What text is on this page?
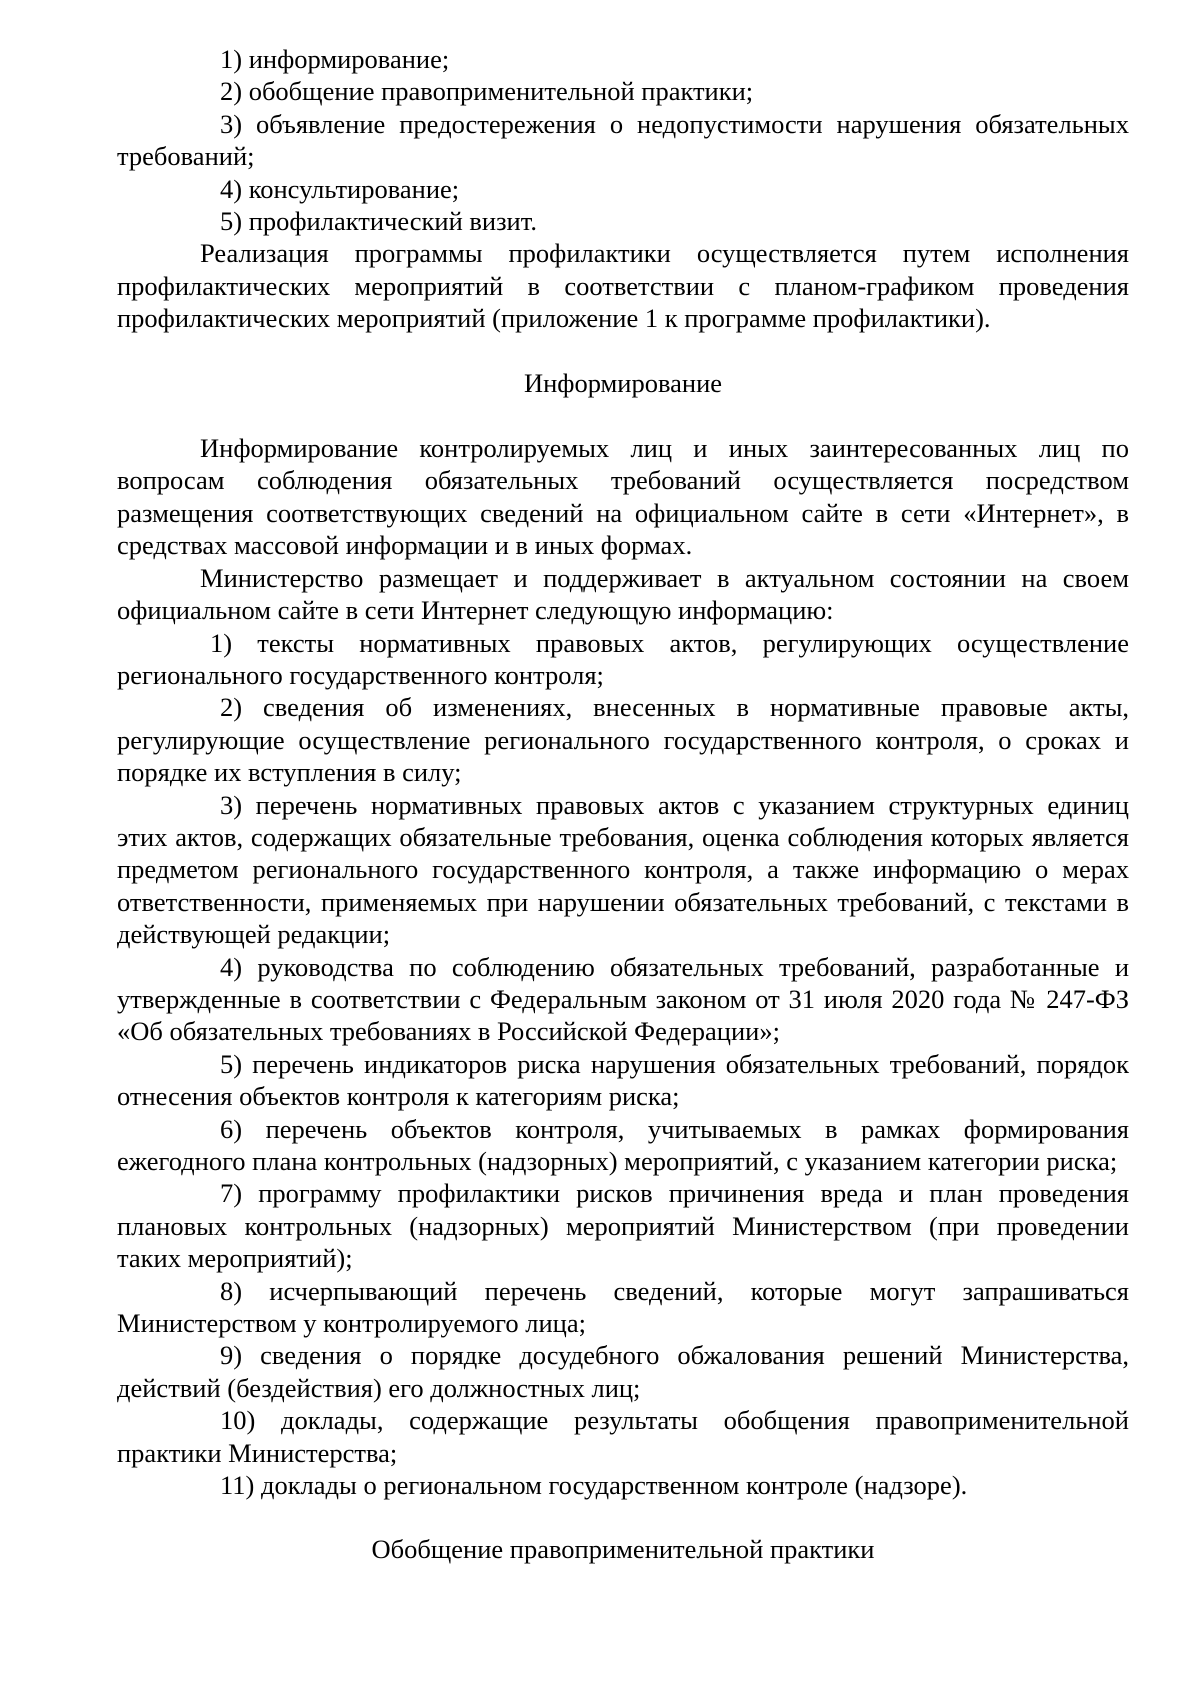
1) информирование;

2) обобщение правоприменительной практики;

3) объявление предостережения о недопустимости нарушения обязательных требований;

4) консультирование;

5) профилактический визит.

Реализация программы профилактики осуществляется путем исполнения профилактических мероприятий в соответствии с планом-графиком проведения профилактических мероприятий (приложение 1 к программе профилактики).

Информирование

Информирование контролируемых лиц и иных заинтересованных лиц по вопросам соблюдения обязательных требований осуществляется посредством размещения соответствующих сведений на официальном сайте в сети «Интернет», в средствах массовой информации и в иных формах.

Министерство размещает и поддерживает в актуальном состоянии на своем официальном сайте в сети Интернет следующую информацию:

1) тексты нормативных правовых актов, регулирующих осуществление регионального государственного контроля;

2) сведения об изменениях, внесенных в нормативные правовые акты, регулирующие осуществление регионального государственного контроля, о сроках и порядке их вступления в силу;

3) перечень нормативных правовых актов с указанием структурных единиц этих актов, содержащих обязательные требования, оценка соблюдения которых является предметом регионального государственного контроля, а также информацию о мерах ответственности, применяемых при нарушении обязательных требований, с текстами в действующей редакции;

4) руководства по соблюдению обязательных требований, разработанные и утвержденные в соответствии с Федеральным законом от 31 июля 2020 года № 247-ФЗ «Об обязательных требованиях в Российской Федерации»;

5) перечень индикаторов риска нарушения обязательных требований, порядок отнесения объектов контроля к категориям риска;

6) перечень объектов контроля, учитываемых в рамках формирования ежегодного плана контрольных (надзорных) мероприятий, с указанием категории риска;

7) программу профилактики рисков причинения вреда и план проведения плановых контрольных (надзорных) мероприятий Министерством (при проведении таких мероприятий);

8) исчерпывающий перечень сведений, которые могут запрашиваться Министерством у контролируемого лица;

9) сведения о порядке досудебного обжалования решений Министерства, действий (бездействия) его должностных лиц;

10) доклады, содержащие результаты обобщения правоприменительной практики Министерства;

11) доклады о региональном государственном контроле (надзоре).

Обобщение правоприменительной практики
